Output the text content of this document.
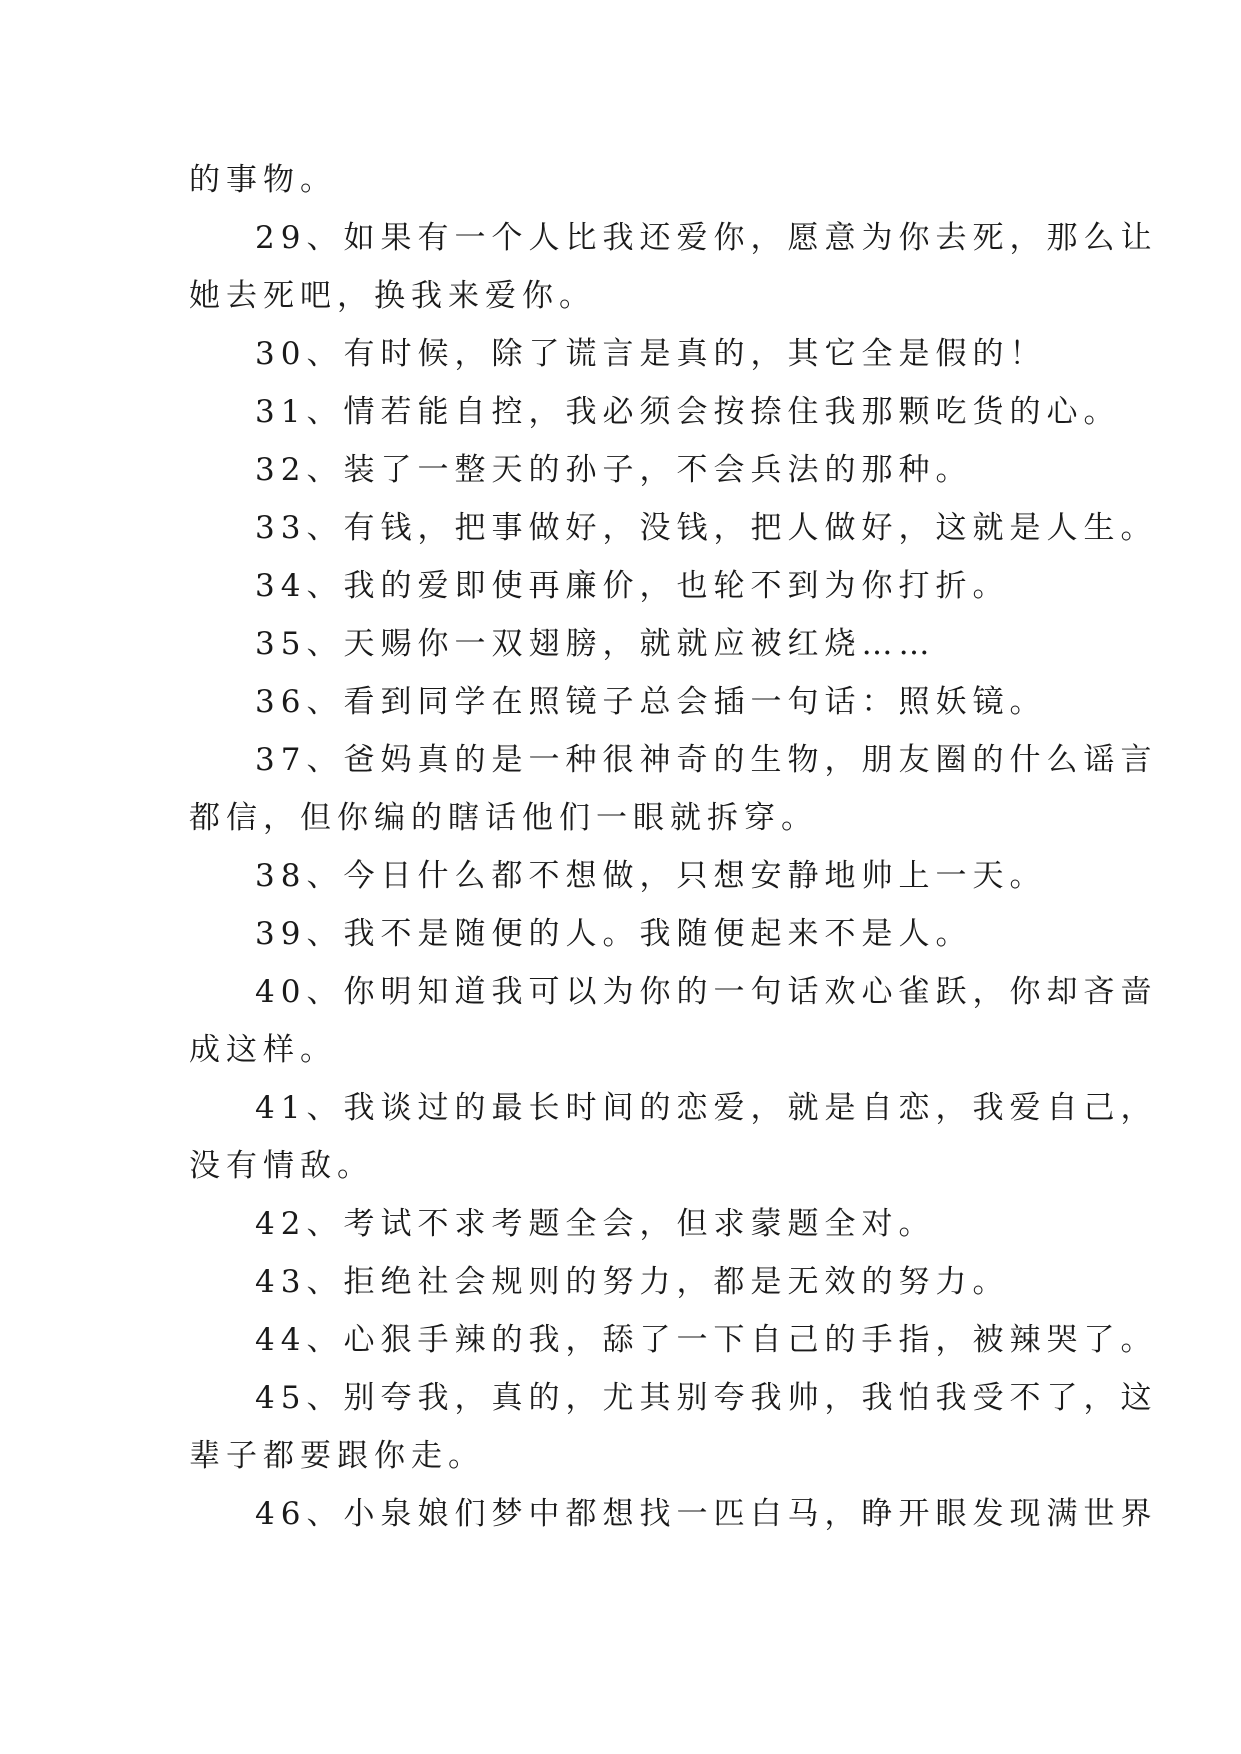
的事物。
29、如果有一个人比我还爱你，愿意为你去死，那么让
她去死吧，换我来爱你。
30、有时候，除了谎言是真的，其它全是假的！
31、情若能自控，我必须会按捺住我那颗吃货的心。
32、装了一整天的孙子，不会兵法的那种。
33、有钱，把事做好，没钱，把人做好，这就是人生。
34、我的爱即使再廉价，也轮不到为你打折。
35、天赐你一双翅膀，就就应被红烧……
36、看到同学在照镜子总会插一句话：照妖镜。
37、爸妈真的是一种很神奇的生物，朋友圈的什么谣言
都信，但你编的瞎话他们一眼就拆穿。
38、今日什么都不想做，只想安静地帅上一天。
39、我不是随便的人。我随便起来不是人。
40、你明知道我可以为你的一句话欢心雀跃，你却吝啬
成这样。
41、我谈过的最长时间的恋爱，就是自恋，我爱自己，
没有情敌。
42、考试不求考题全会，但求蒙题全对。
43、拒绝社会规则的努力，都是无效的努力。
44、心狠手辣的我，舔了一下自己的手指，被辣哭了。
45、别夸我，真的，尤其别夸我帅，我怕我受不了，这
辈子都要跟你走。
46、小泉娘们梦中都想找一匹白马，睁开眼发现满世界
